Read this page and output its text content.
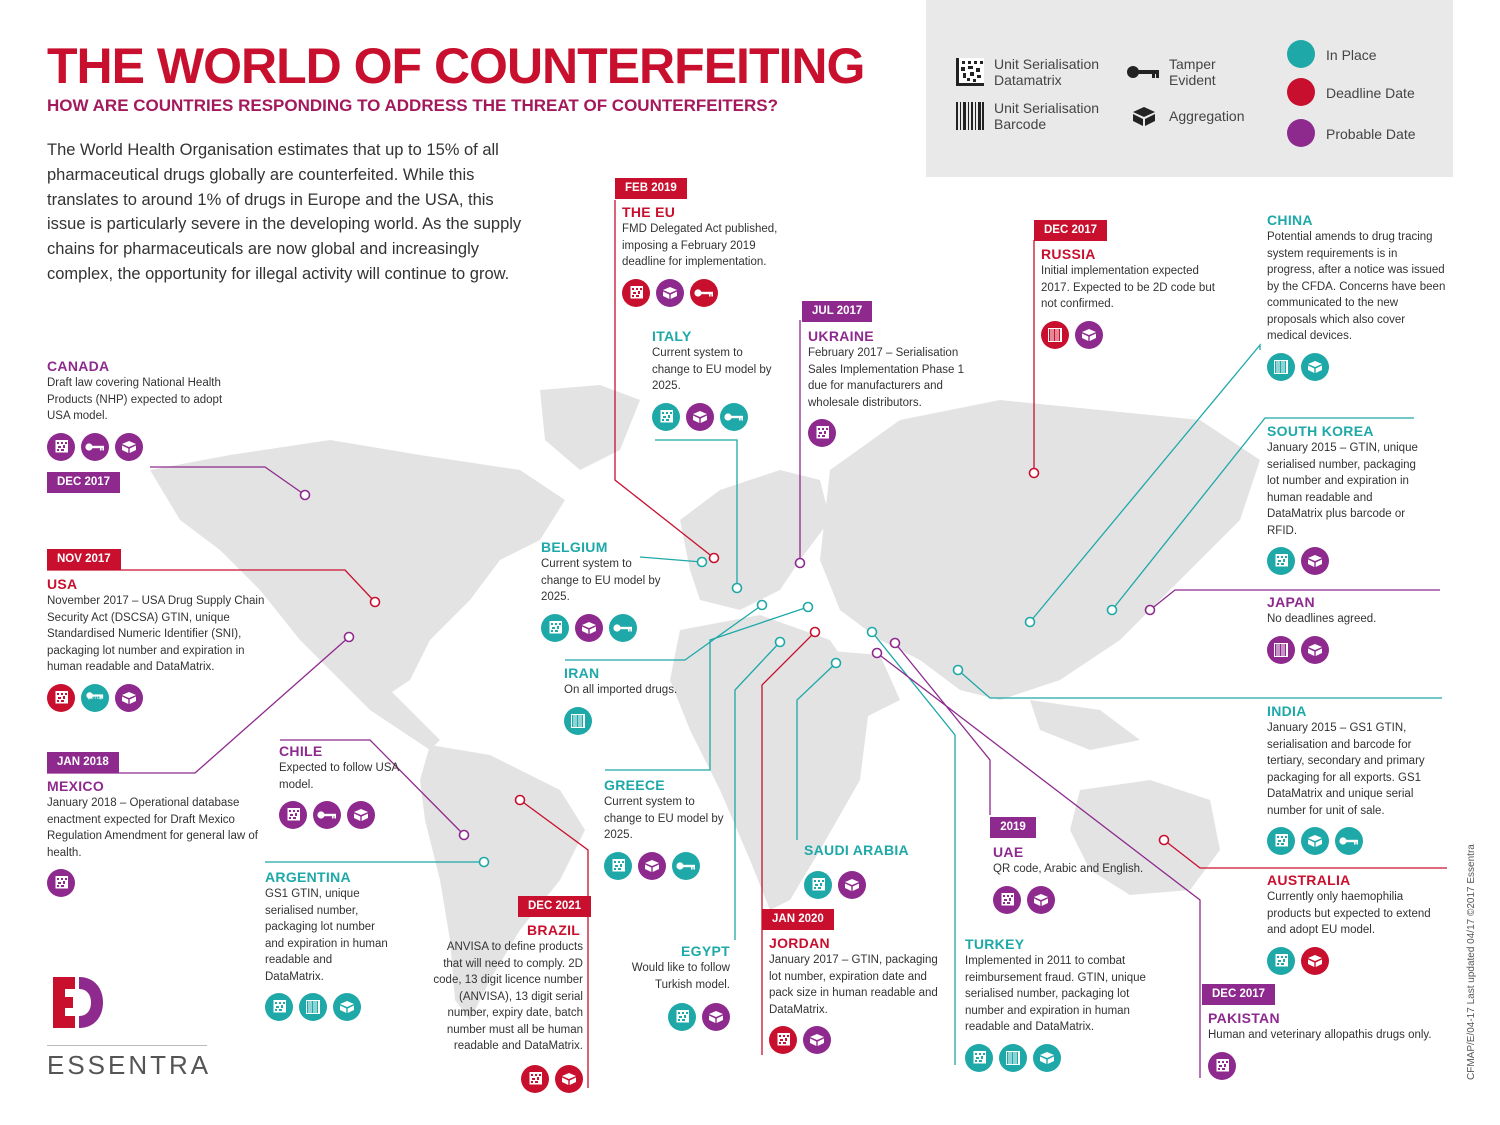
THE WORLD OF COUNTERFEITING
HOW ARE COUNTRIES RESPONDING TO ADDRESS THE THREAT OF COUNTERFEITERS?

The World Health Organisation estimates that up to 15% of all pharmaceutical drugs globally are counterfeited. While this translates to around 1% of drugs in Europe and the USA, this issue is particularly severe in the developing world. As the supply chains for pharmaceuticals are now global and increasingly complex, the opportunity for illegal activity will continue to grow.

Unit Serialisation Datamatrix
Unit Serialisation Barcode
Tamper Evident
Aggregation
In Place
Deadline Date
Probable Date
FEB 2019
THE EU

FMD Delegated Act published, imposing a February 2019 deadline for implementation.

ITALY

Current system to change to EU model by 2025.

JUL 2017
UKRAINE

February 2017 – Serialisation Sales Implementation Phase 1 due for manufacturers and wholesale distributors.

DEC 2017
RUSSIA

Initial implementation expected 2017. Expected to be 2D code but not confirmed.

CHINA

Potential amends to drug tracing system requirements is in progress, after a notice was issued by the CFDA. Concerns have been communicated to the new proposals which also cover medical devices.

CANADA

Draft law covering National Health Products (NHP) expected to adopt USA model.

DEC 2017
NOV 2017
USA

November 2017 – USA Drug Supply Chain Security Act (DSCSA) GTIN, unique Standardised Numeric Identifier (SNI), packaging lot number and expiration in human readable and DataMatrix.

(OTC)
BELGIUM

Current system to change to EU model by 2025.

IRAN

On all imported drugs.

SOUTH KOREA

January 2015 – GTIN, unique serialised number, packaging lot number and expiration in human readable and DataMatrix plus barcode or RFID.

JAPAN

No deadlines agreed.

JAN 2018
MEXICO

January 2018 – Operational database enactment expected for Draft Mexico Regulation Amendment for general law of health.

CHILE

Expected to follow USA model.	GREECE

Current system to change to EU model by 2025.

INDIA

January 2015 – GS1 GTIN, serialisation and barcode for tertiary, secondary and primary packaging for all exports. GS1 DataMatrix and unique serial number for unit of sale.

ARGENTINA

GS1 GTIN, unique serialised number, packaging lot number and expiration in human readable and DataMatrix.

SAUDI ARABIA
2019
UAE

QR code, Arabic and English.

AUSTRALIA

Currently only haemophilia products but expected to extend and adopt EU model.

DEC 2021
BRAZIL

ANVISA to define products that will need to comply. 2D code, 13 digit licence number (ANVISA), 13 digit serial number, expiry date, batch number must all be human readable and DataMatrix.

EGYPT

Would like to follow Turkish model.

JAN 2020
JORDAN

January 2017 – GTIN, packaging lot number, expiration date and pack size in human readable and DataMatrix.

TURKEY

Implemented in 2011 to combat reimbursement fraud. GTIN, unique serialised number, packaging lot number and expiration in human readable and DataMatrix.

DEC 2017
PAKISTAN

Human and veterinary allopathis drugs only.

ESSENTRA	CFMAP/E/04-17 Last updated 04/17 ©2017 Essentra
